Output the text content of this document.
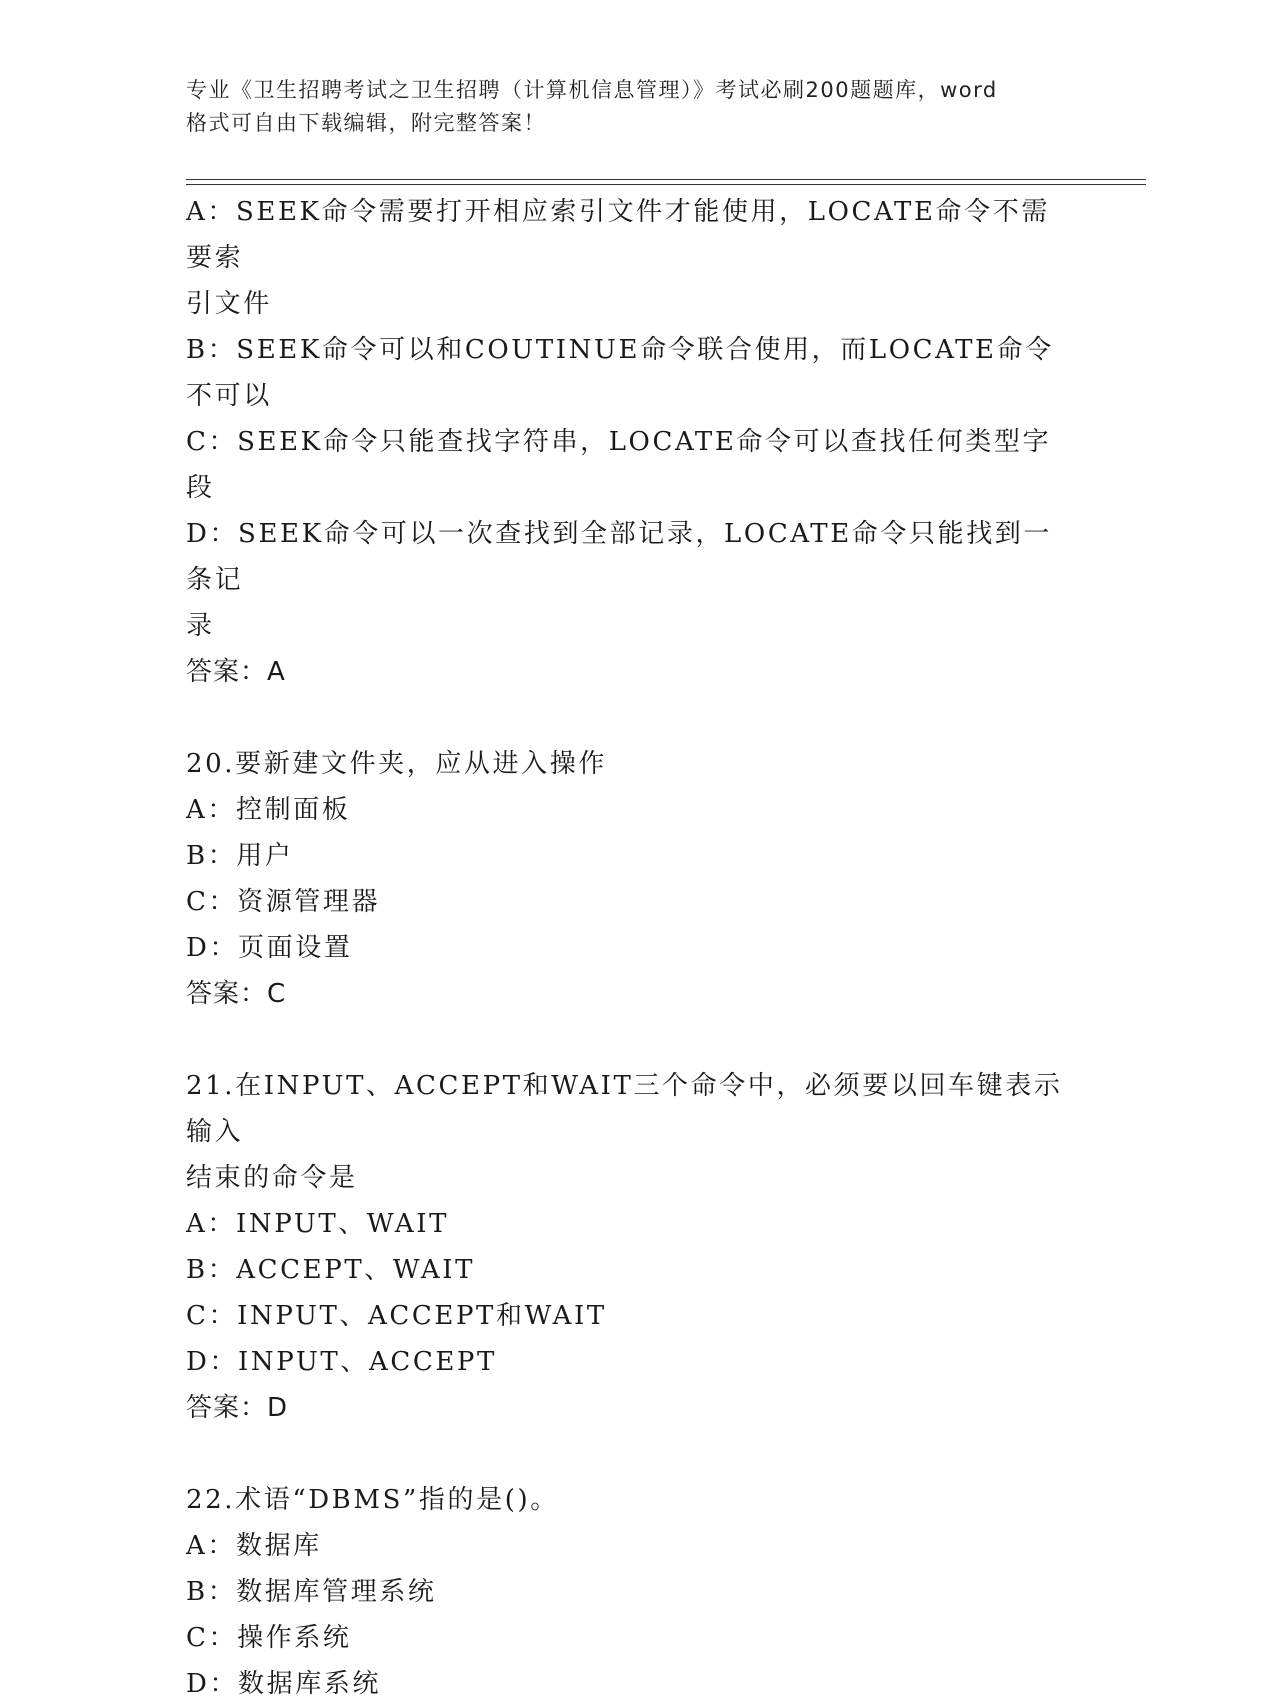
专业《卫生招聘考试之卫生招聘（计算机信息管理）》考试必刷200题题库，word
格式可自由下载编辑，附完整答案！

A：SEEK命令需要打开相应索引文件才能使用，LOCATE命令不需要索

引文件

B：SEEK命令可以和COUTINUE命令联合使用，而LOCATE命令不可以

C：SEEK命令只能查找字符串，LOCATE命令可以查找任何类型字段

D：SEEK命令可以一次查找到全部记录，LOCATE命令只能找到一条记

录

答案：A

20.要新建文件夹，应从进入操作

A：控制面板

B：用户

C：资源管理器

D：页面设置

答案：C

21.在INPUT、ACCEPT和WAIT三个命令中，必须要以回车键表示输入

结束的命令是

A：INPUT、WAIT

B：ACCEPT、WAIT

C：INPUT、ACCEPT和WAIT

D：INPUT、ACCEPT

答案：D

22.术语“DBMS”指的是()。

A：数据库

B：数据库管理系统

C：操作系统

D：数据库系统
